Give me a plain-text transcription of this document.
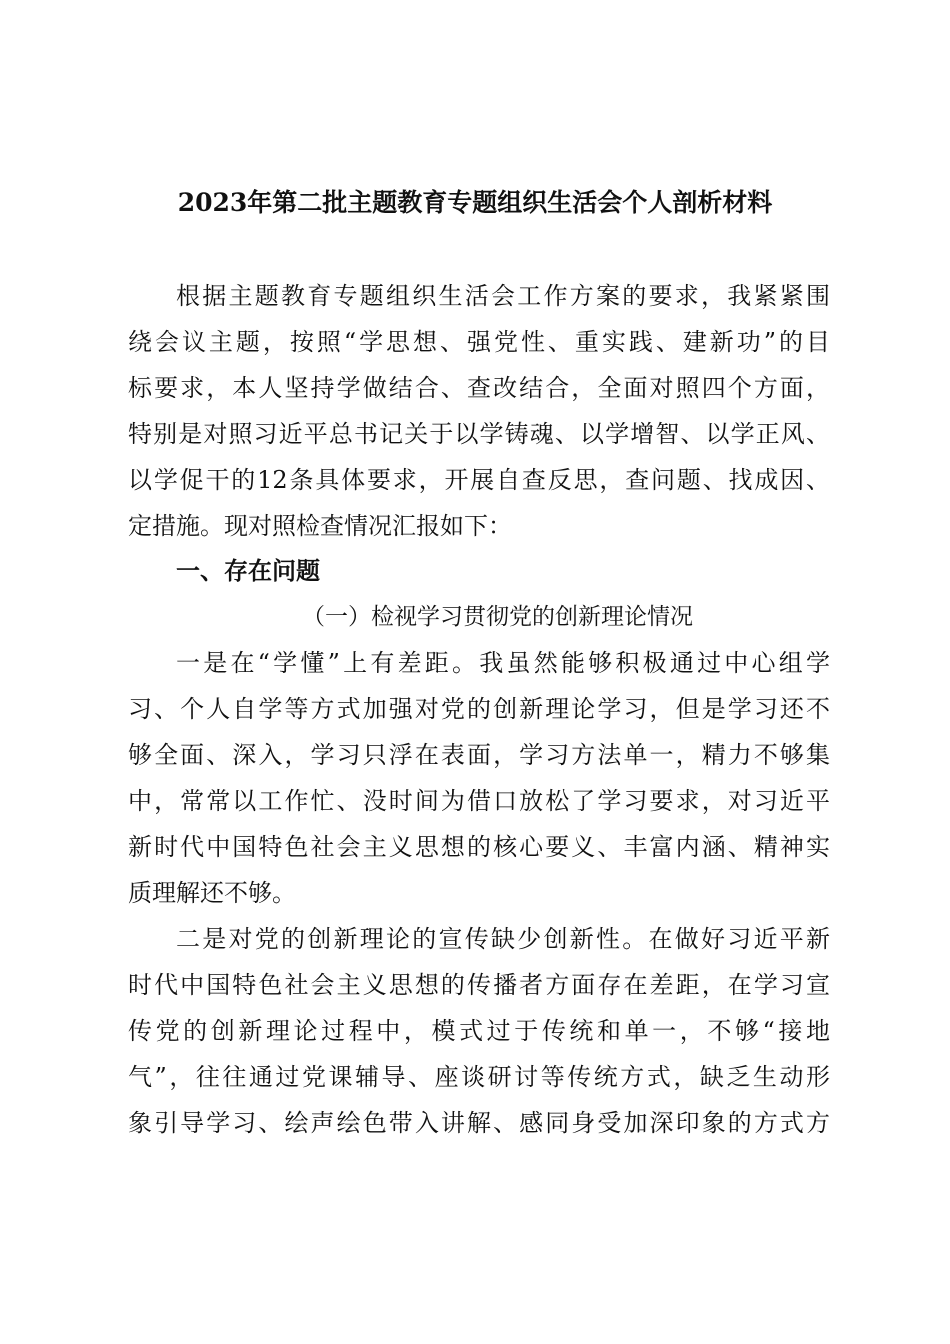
2023年第二批主题教育专题组织生活会个人剖析材料
根据主题教育专题组织生活会工作方案的要求，我紧紧围
绕会议主题，按照“学思想、强党性、重实践、建新功”的目
标要求，本人坚持学做结合、查改结合，全面对照四个方面，
特别是对照习近平总书记关于以学铸魂、以学增智、以学正风、
以学促干的12条具体要求，开展自查反思，查问题、找成因、
定措施。现对照检查情况汇报如下：
一、存在问题
（一）检视学习贯彻党的创新理论情况
一是在“学懂”上有差距。我虽然能够积极通过中心组学
习、个人自学等方式加强对党的创新理论学习，但是学习还不
够全面、深入，学习只浮在表面，学习方法单一，精力不够集
中，常常以工作忙、没时间为借口放松了学习要求，对习近平
新时代中国特色社会主义思想的核心要义、丰富内涵、精神实
质理解还不够。
二是对党的创新理论的宣传缺少创新性。在做好习近平新
时代中国特色社会主义思想的传播者方面存在差距，在学习宣
传党的创新理论过程中，模式过于传统和单一，不够“接地
气”，往往通过党课辅导、座谈研讨等传统方式，缺乏生动形
象引导学习、绘声绘色带入讲解、感同身受加深印象的方式方
